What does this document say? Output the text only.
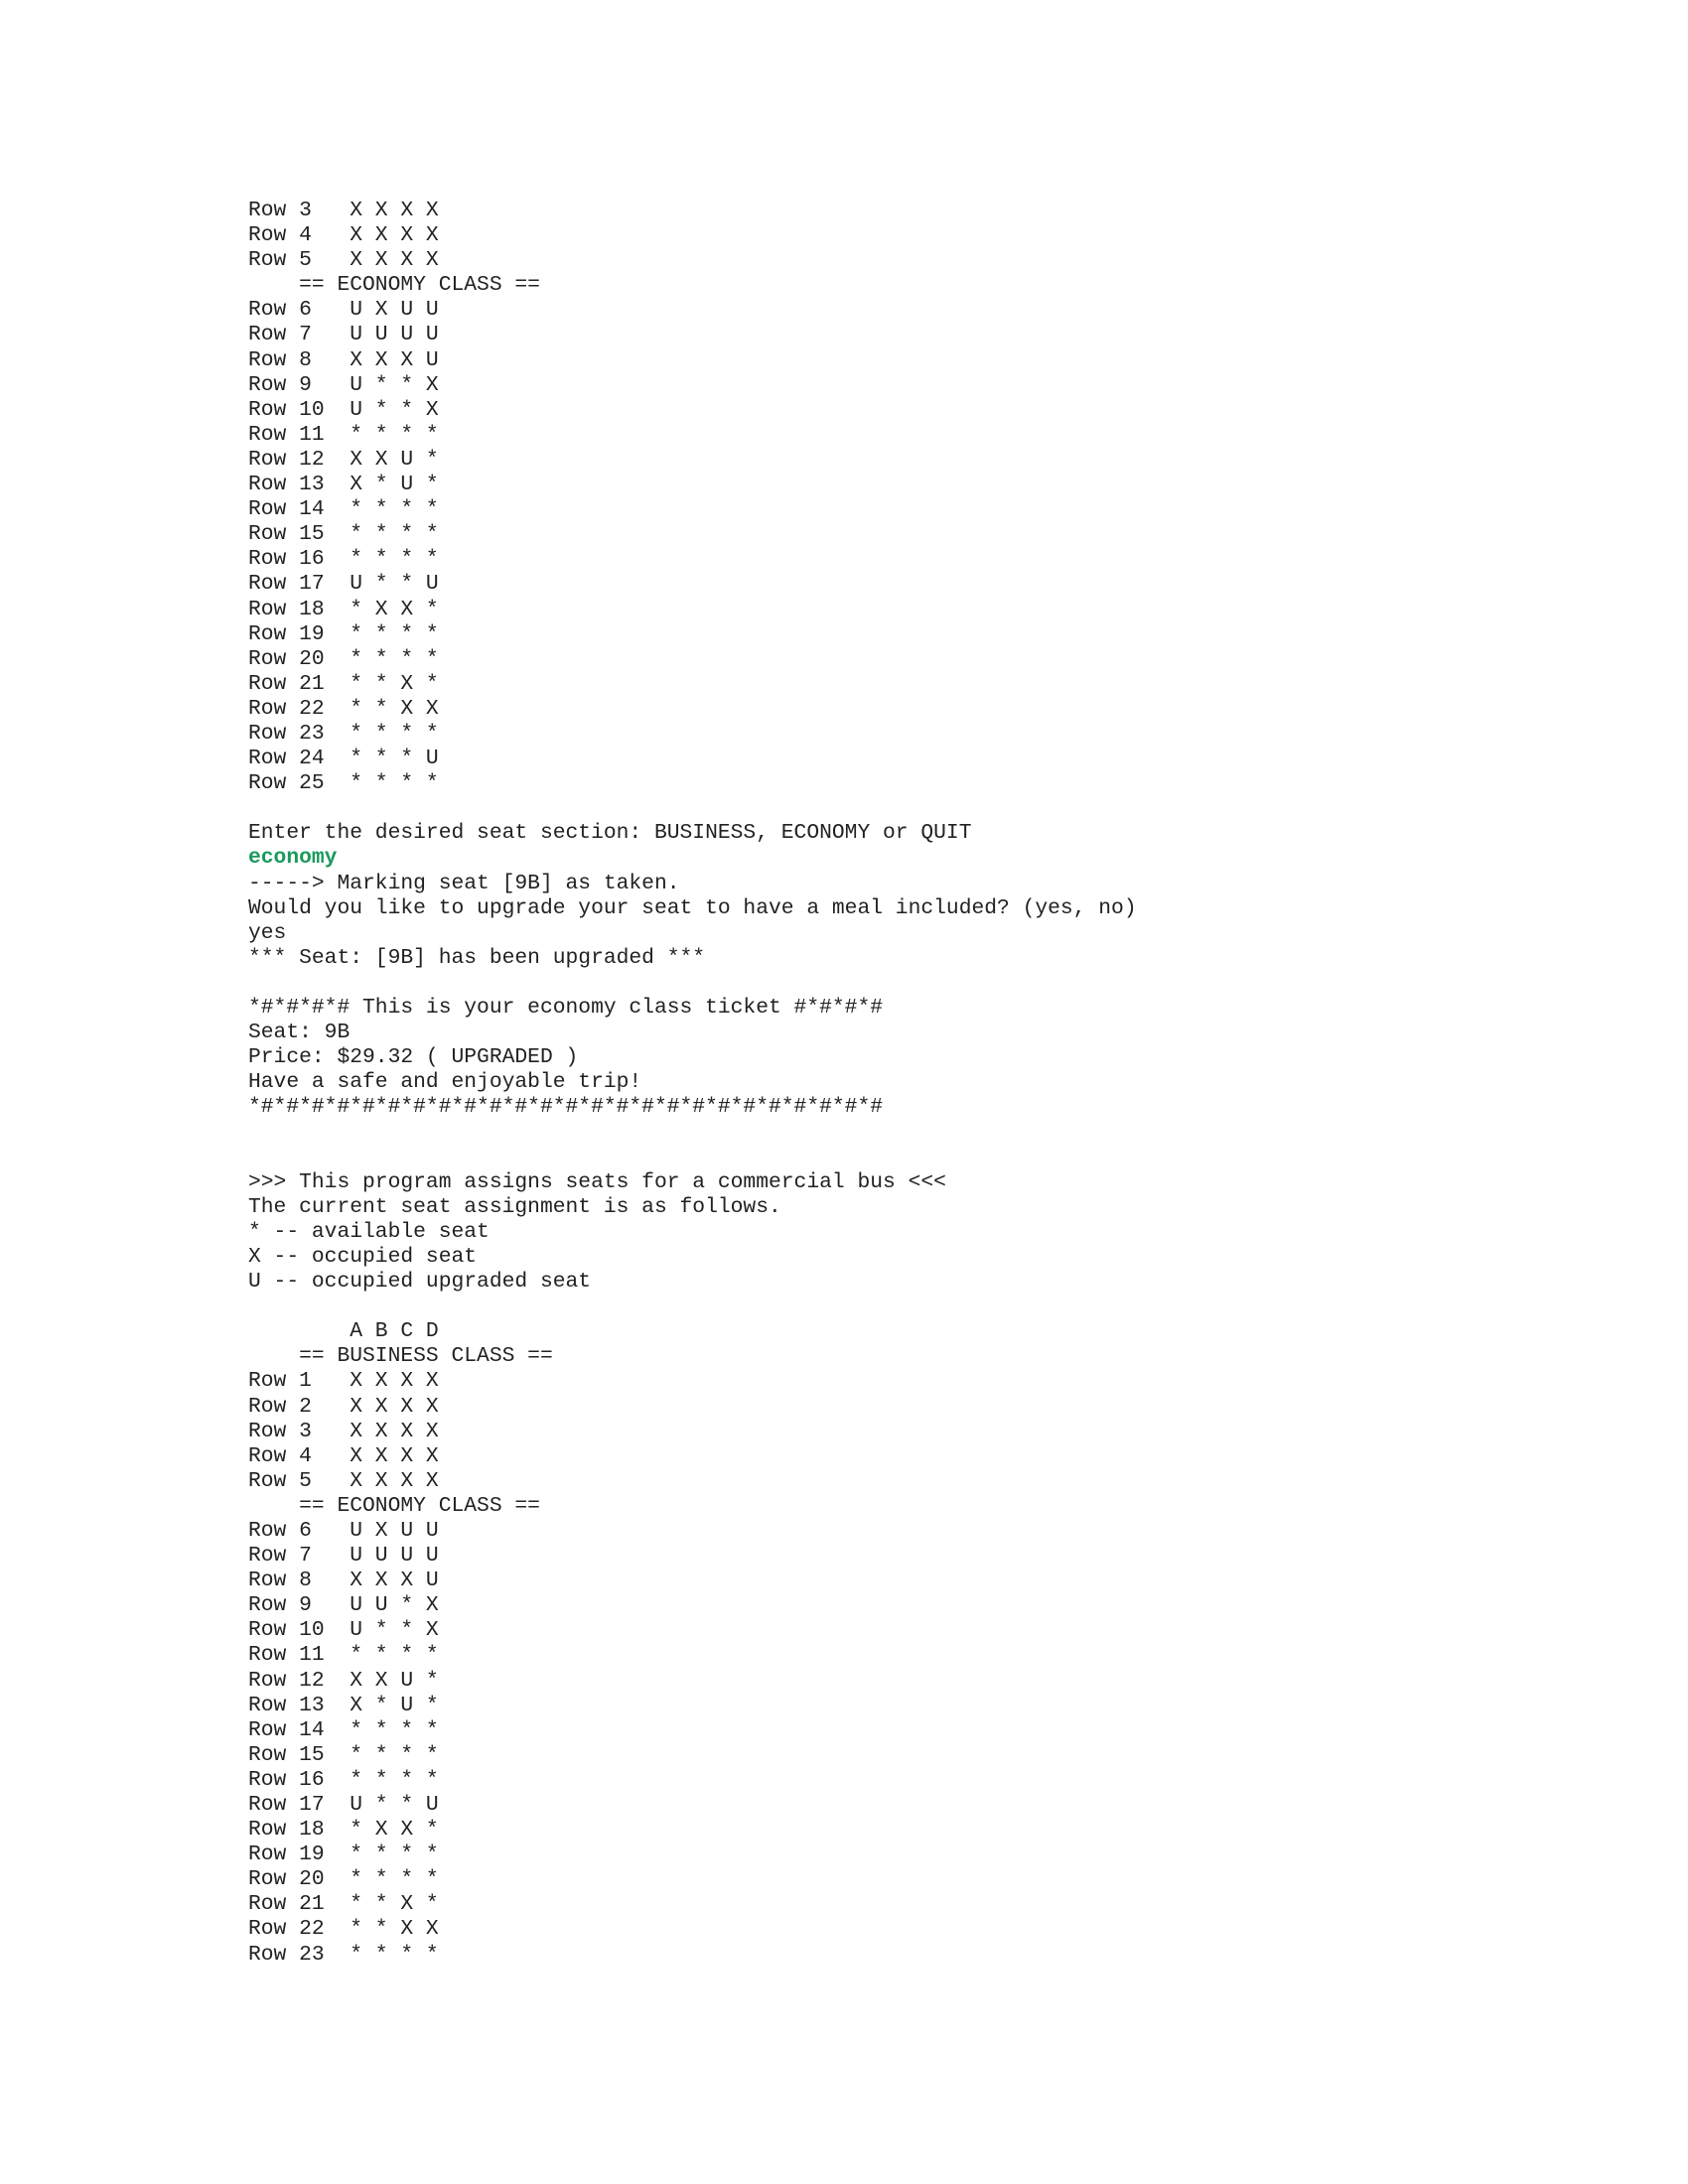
Row 3   X X X X
Row 4   X X X X
Row 5   X X X X
== ECONOMY CLASS ==
Row 6   U X U U
Row 7   U U U U
Row 8   X X X U
Row 9   U * * X
Row 10  U * * X
Row 11  * * * *
Row 12  X X U *
Row 13  X * U *
Row 14  * * * *
Row 15  * * * *
Row 16  * * * *
Row 17  U * * U
Row 18  * X X *
Row 19  * * * *
Row 20  * * * *
Row 21  * * X *
Row 22  * * X X
Row 23  * * * *
Row 24  * * * U
Row 25  * * * *
Enter the desired seat section: BUSINESS, ECONOMY or QUIT
economy
-----> Marking seat [9B] as taken.
Would you like to upgrade your seat to have a meal included? (yes, no)
yes
*** Seat: [9B] has been upgraded ***
*#*#*#*# This is your economy class ticket #*#*#*#
Seat: 9B
Price: $29.32 ( UPGRADED )
Have a safe and enjoyable trip!
*#*#*#*#*#*#*#*#*#*#*#*#*#*#*#*#*#*#*#*#*#*#*#*#*#
>>> This program assigns seats for a commercial bus <<<
The current seat assignment is as follows.
* -- available seat
X -- occupied seat
U -- occupied upgraded seat
A B C D
== BUSINESS CLASS ==
Row 1   X X X X
Row 2   X X X X
Row 3   X X X X
Row 4   X X X X
Row 5   X X X X
== ECONOMY CLASS ==
Row 6   U X U U
Row 7   U U U U
Row 8   X X X U
Row 9   U U * X
Row 10  U * * X
Row 11  * * * *
Row 12  X X U *
Row 13  X * U *
Row 14  * * * *
Row 15  * * * *
Row 16  * * * *
Row 17  U * * U
Row 18  * X X *
Row 19  * * * *
Row 20  * * * *
Row 21  * * X *
Row 22  * * X X
Row 23  * * * *
